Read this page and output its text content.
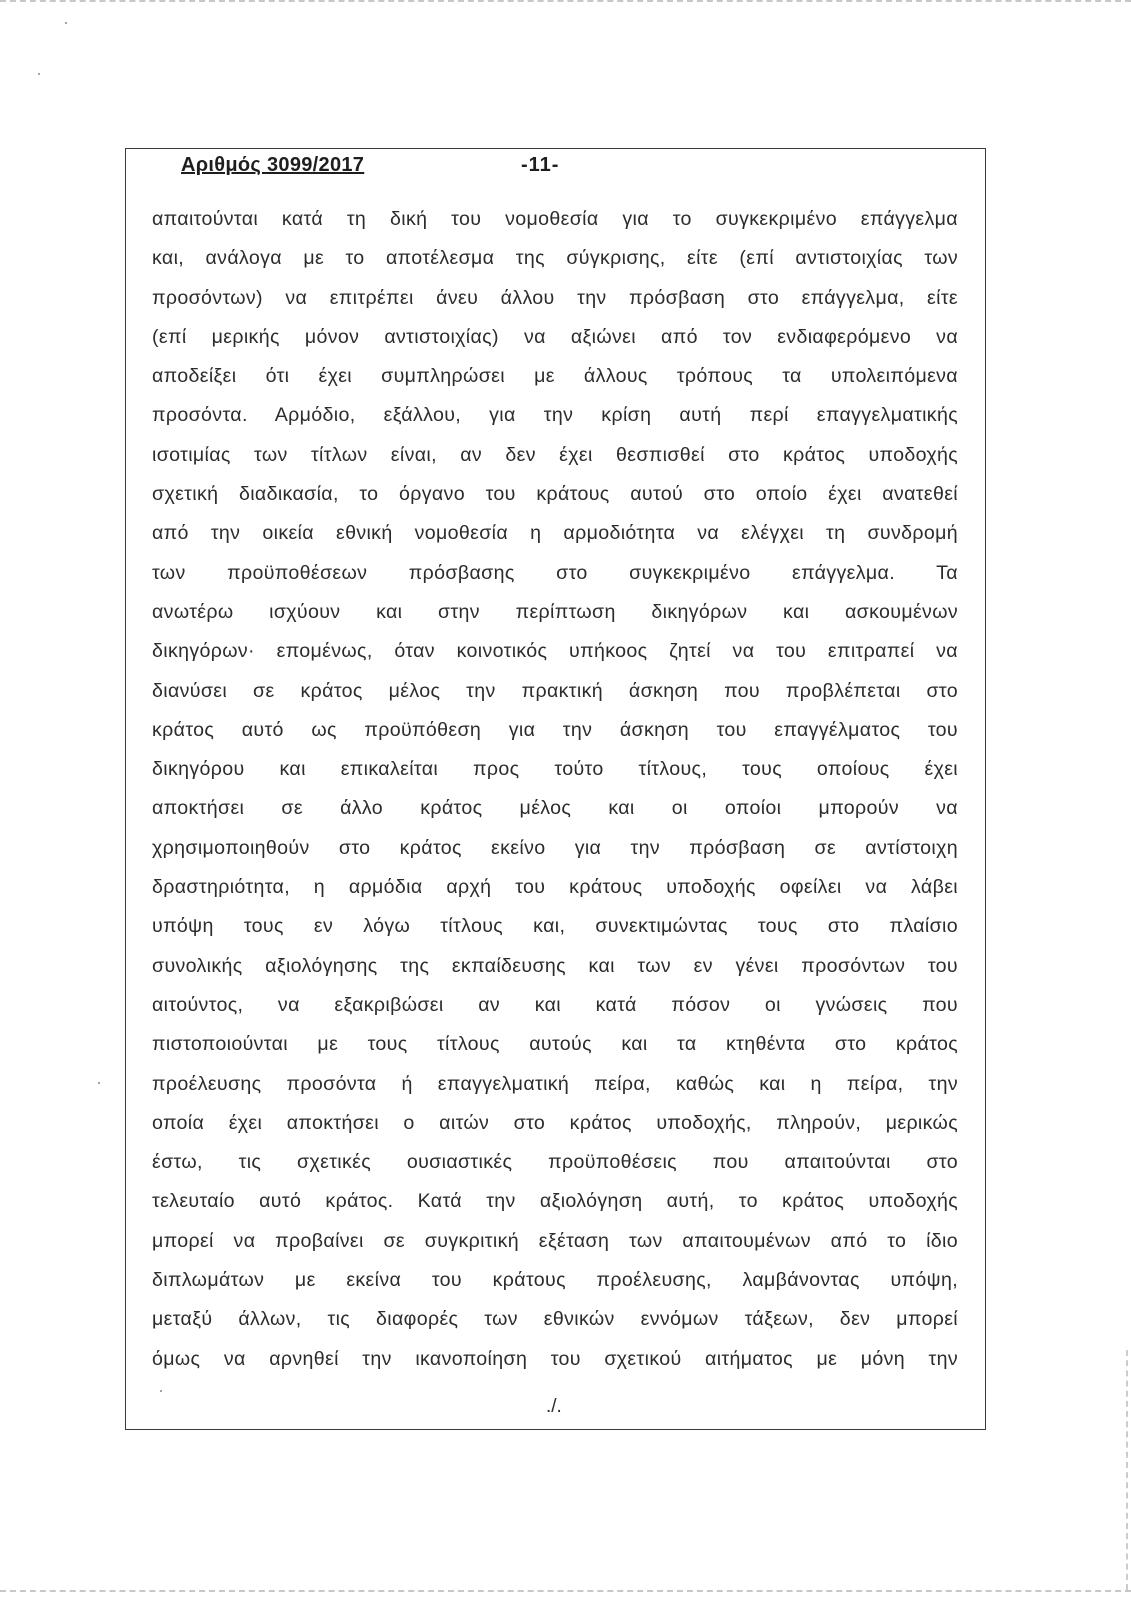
Αριθμός 3099/2017	-11-
απαιτούνται κατά τη δική του νομοθεσία για το συγκεκριμένο επάγγελμα
και, ανάλογα με το αποτέλεσμα της σύγκρισης, είτε (επί αντιστοιχίας των
προσόντων) να επιτρέπει άνευ άλλου την πρόσβαση στο επάγγελμα, είτε
(επί μερικής μόνον αντιστοιχίας) να αξιώνει από τον ενδιαφερόμενο να
αποδείξει ότι έχει συμπληρώσει με άλλους τρόπους τα υπολειπόμενα
προσόντα. Αρμόδιο, εξάλλου, για την κρίση αυτή περί επαγγελματικής
ισοτιμίας των τίτλων είναι, αν δεν έχει θεσπισθεί στο κράτος υποδοχής
σχετική διαδικασία, το όργανο του κράτους αυτού στο οποίο έχει ανατεθεί
από την οικεία εθνική νομοθεσία η αρμοδιότητα να ελέγχει τη συνδρομή
των προϋποθέσεων πρόσβασης στο συγκεκριμένο επάγγελμα. Τα
ανωτέρω ισχύουν και στην περίπτωση δικηγόρων και ασκουμένων
δικηγόρων· επομένως, όταν κοινοτικός υπήκοος ζητεί να του επιτραπεί να
διανύσει σε κράτος μέλος την πρακτική άσκηση που προβλέπεται στο
κράτος αυτό ως προϋπόθεση για την άσκηση του επαγγέλματος του
δικηγόρου και επικαλείται προς τούτο τίτλους, τους οποίους έχει
αποκτήσει σε άλλο κράτος μέλος και οι οποίοι μπορούν να
χρησιμοποιηθούν στο κράτος εκείνο για την πρόσβαση σε αντίστοιχη
δραστηριότητα, η αρμόδια αρχή του κράτους υποδοχής οφείλει να λάβει
υπόψη τους εν λόγω τίτλους και, συνεκτιμώντας τους στο πλαίσιο
συνολικής αξιολόγησης της εκπαίδευσης και των εν γένει προσόντων του
αιτούντος, να εξακριβώσει αν και κατά πόσον οι γνώσεις που
πιστοποιούνται με τους τίτλους αυτούς και τα κτηθέντα στο κράτος
προέλευσης προσόντα ή επαγγελματική πείρα, καθώς και η πείρα, την
οποία έχει αποκτήσει ο αιτών στο κράτος υποδοχής, πληρούν, μερικώς
έστω, τις σχετικές ουσιαστικές προϋποθέσεις που απαιτούνται στο
τελευταίο αυτό κράτος. Κατά την αξιολόγηση αυτή, το κράτος υποδοχής
μπορεί να προβαίνει σε συγκριτική εξέταση των απαιτουμένων από το ίδιο
διπλωμάτων με εκείνα του κράτους προέλευσης, λαμβάνοντας υπόψη,
μεταξύ άλλων, τις διαφορές των εθνικών εννόμων τάξεων, δεν μπορεί
όμως να αρνηθεί την ικανοποίηση του σχετικού αιτήματος με μόνη την
./.
